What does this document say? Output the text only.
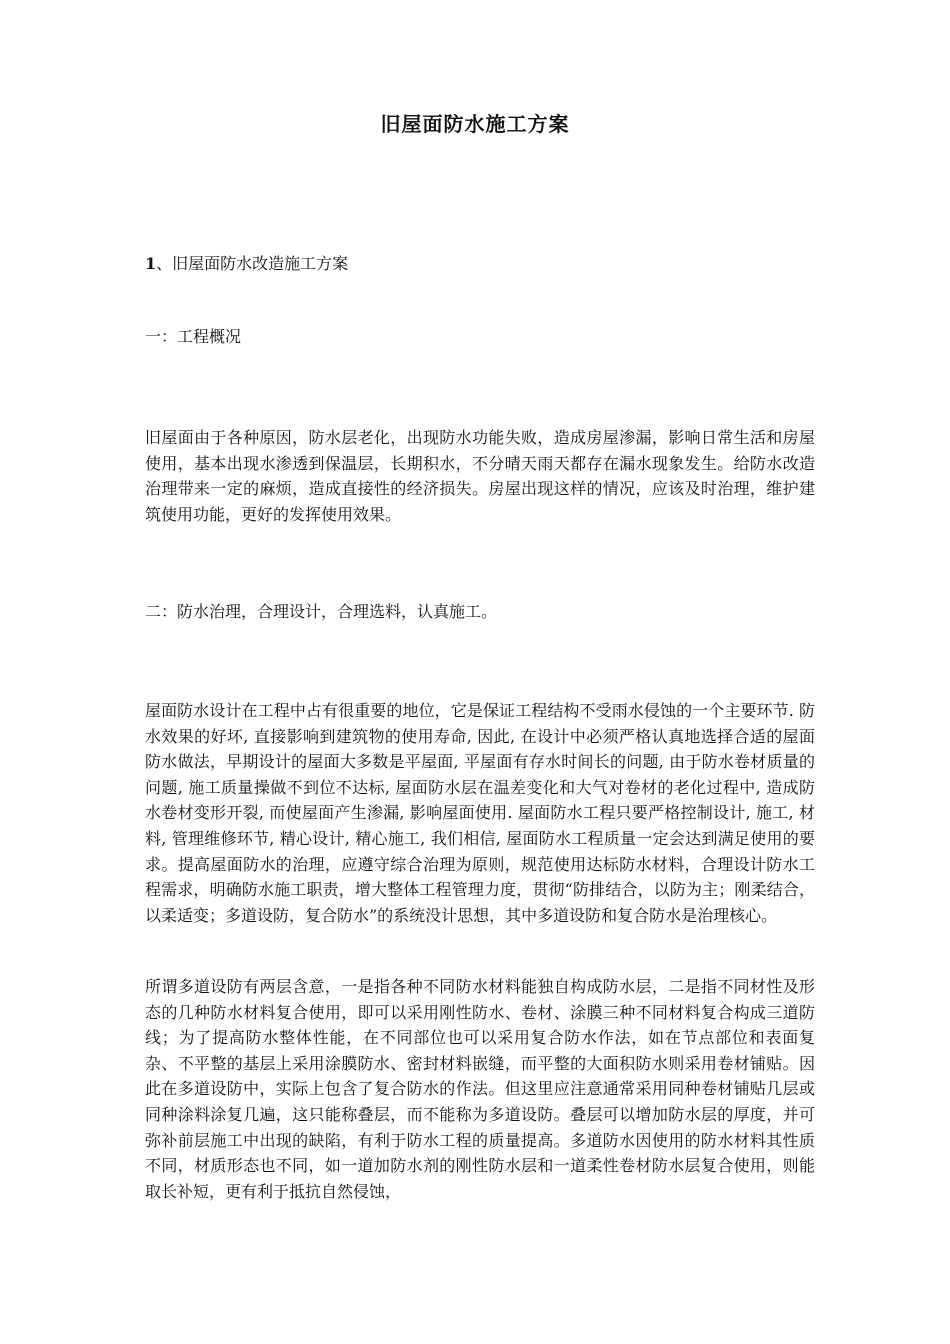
旧屋面防水施工方案
1、旧屋面防水改造施工方案
一：工程概况
旧屋面由于各种原因，防水层老化，出现防水功能失败，造成房屋渗漏，影响日常生活和房屋使用，基本出现水渗透到保温层，长期积水，不分晴天雨天都存在漏水现象发生。给防水改造治理带来一定的麻烦，造成直接性的经济损失。房屋出现这样的情况，应该及时治理，维护建筑使用功能，更好的发挥使用效果。
二：防水治理，合理设计，合理选料，认真施工。
屋面防水设计在工程中占有很重要的地位，它是保证工程结构不受雨水侵蚀的一个主要环节. 防水效果的好坏, 直接影响到建筑物的使用寿命, 因此, 在设计中必须严格认真地选择合适的屋面防水做法，早期设计的屋面大多数是平屋面, 平屋面有存水时间长的问题, 由于防水卷材质量的问题, 施工质量操做不到位不达标, 屋面防水层在温差变化和大气对卷材的老化过程中, 造成防水卷材变形开裂, 而使屋面产生渗漏, 影响屋面使用. 屋面防水工程只要严格控制设计, 施工, 材料, 管理维修环节, 精心设计, 精心施工, 我们相信, 屋面防水工程质量一定会达到满足使用的要求。提高屋面防水的治理，应遵守综合治理为原则，规范使用达标防水材料，合理设计防水工程需求，明确防水施工职责，增大整体工程管理力度，贯彻“防排结合，以防为主；刚柔结合，以柔适变；多道设防，复合防水”的系统没计思想，其中多道设防和复合防水是治理核心。
所谓多道设防有两层含意，一是指各种不同防水材料能独自构成防水层，二是指不同材性及形态的几种防水材料复合使用，即可以采用刚性防水、卷材、涂膜三种不同材料复合构成三道防线；为了提高防水整体性能，在不同部位也可以采用复合防水作法，如在节点部位和表面复杂、不平整的基层上采用涂膜防水、密封材料嵌缝，而平整的大面积防水则采用卷材铺贴。因此在多道设防中，实际上包含了复合防水的作法。但这里应注意通常采用同种卷材铺贴几层或同种涂料涂复几遍，这只能称叠层，而不能称为多道设防。叠层可以增加防水层的厚度，并可弥补前层施工中出现的缺陷，有利于防水工程的质量提高。多道防水因使用的防水材料其性质不同，材质形态也不同，如一道加防水剂的刚性防水层和一道柔性卷材防水层复合使用，则能取长补短，更有利于抵抗自然侵蚀，
